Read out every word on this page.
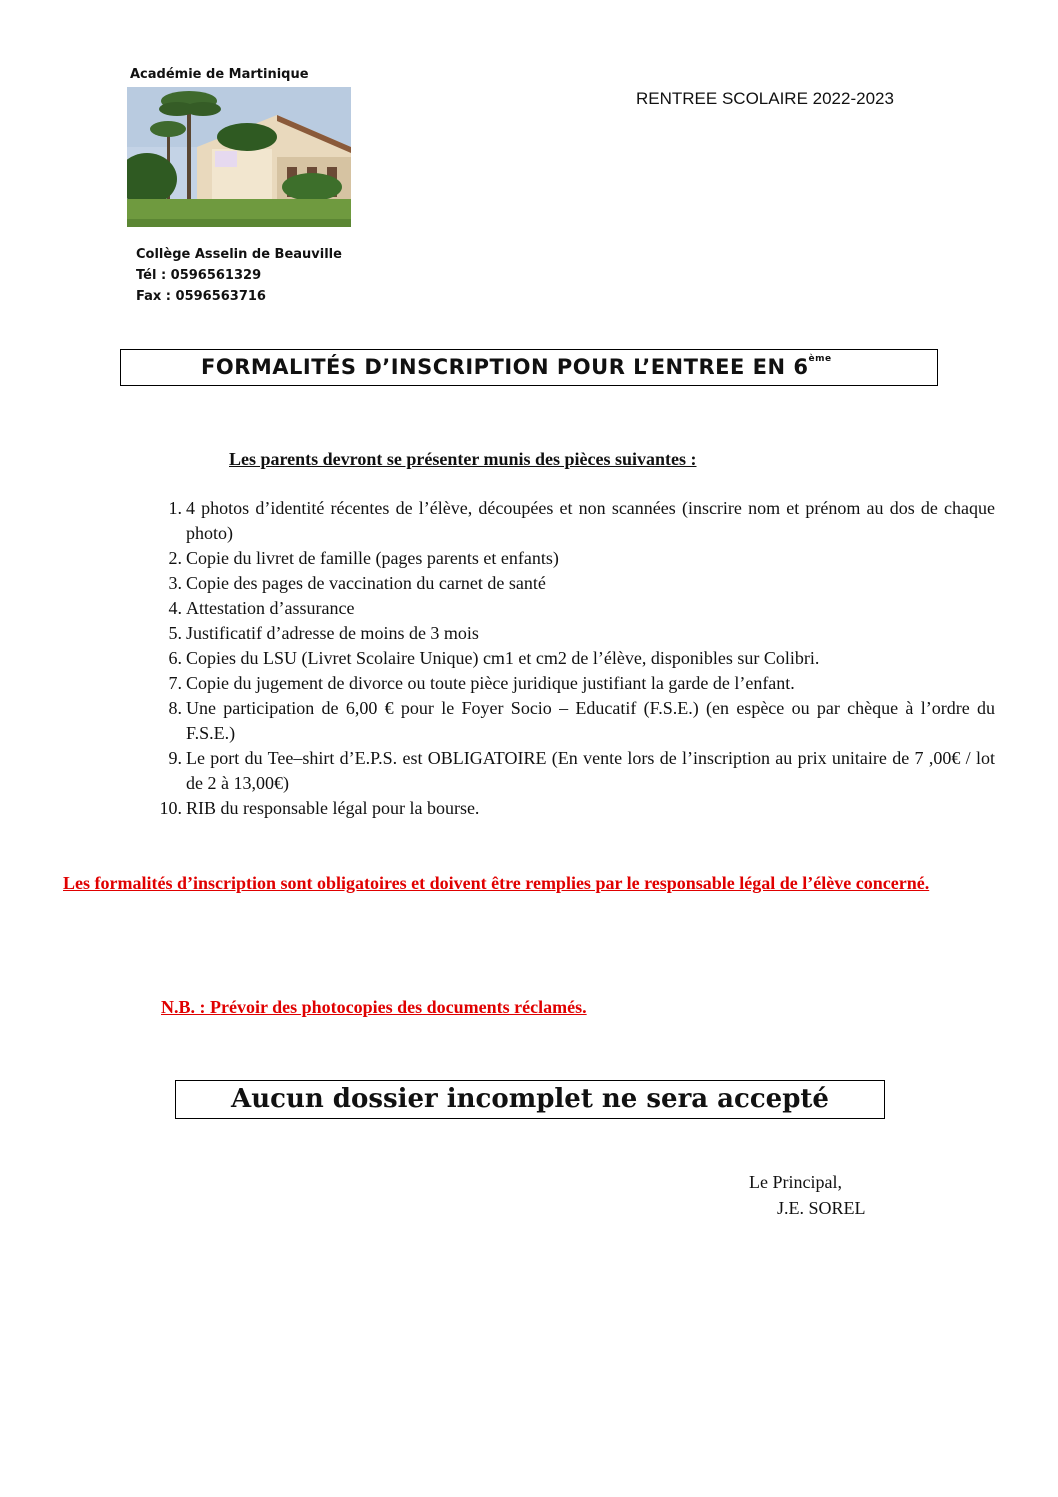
Académie de Martinique
Collège Asselin de Beauville
Tél : 0596561329
Fax : 0596563716
RENTREE SCOLAIRE 2022-2023
FORMALITÉS D’INSCRIPTION POUR L’ENTREE EN 6ème
Les parents devront se présenter munis des pièces suivantes :
1. 4 photos d’identité récentes de l’élève, découpées et non scannées (inscrire nom et prénom au dos de chaque photo)
2. Copie du livret de famille (pages parents et enfants)
3. Copie des pages de vaccination du carnet de santé
4. Attestation d’assurance
5. Justificatif d’adresse de moins de 3 mois
6. Copies du LSU (Livret Scolaire Unique) cm1 et cm2 de l’élève, disponibles sur Colibri.
7. Copie du jugement de divorce ou toute pièce juridique justifiant la garde de l’enfant.
8. Une participation de 6,00 € pour le Foyer Socio – Educatif (F.S.E.) (en espèce ou par chèque à l’ordre du F.S.E.)
9. Le port du Tee–shirt d’E.P.S. est OBLIGATOIRE (En vente lors de l’inscription au prix unitaire de 7 ,00€ / lot de 2 à 13,00€)
10. RIB du responsable légal pour la bourse.
Les formalités d’inscription sont obligatoires et doivent être remplies par le responsable légal de l’élève concerné.
N.B. : Prévoir des photocopies des documents réclamés.
Aucun dossier incomplet ne sera accepté
Le Principal,
J.E. SOREL
